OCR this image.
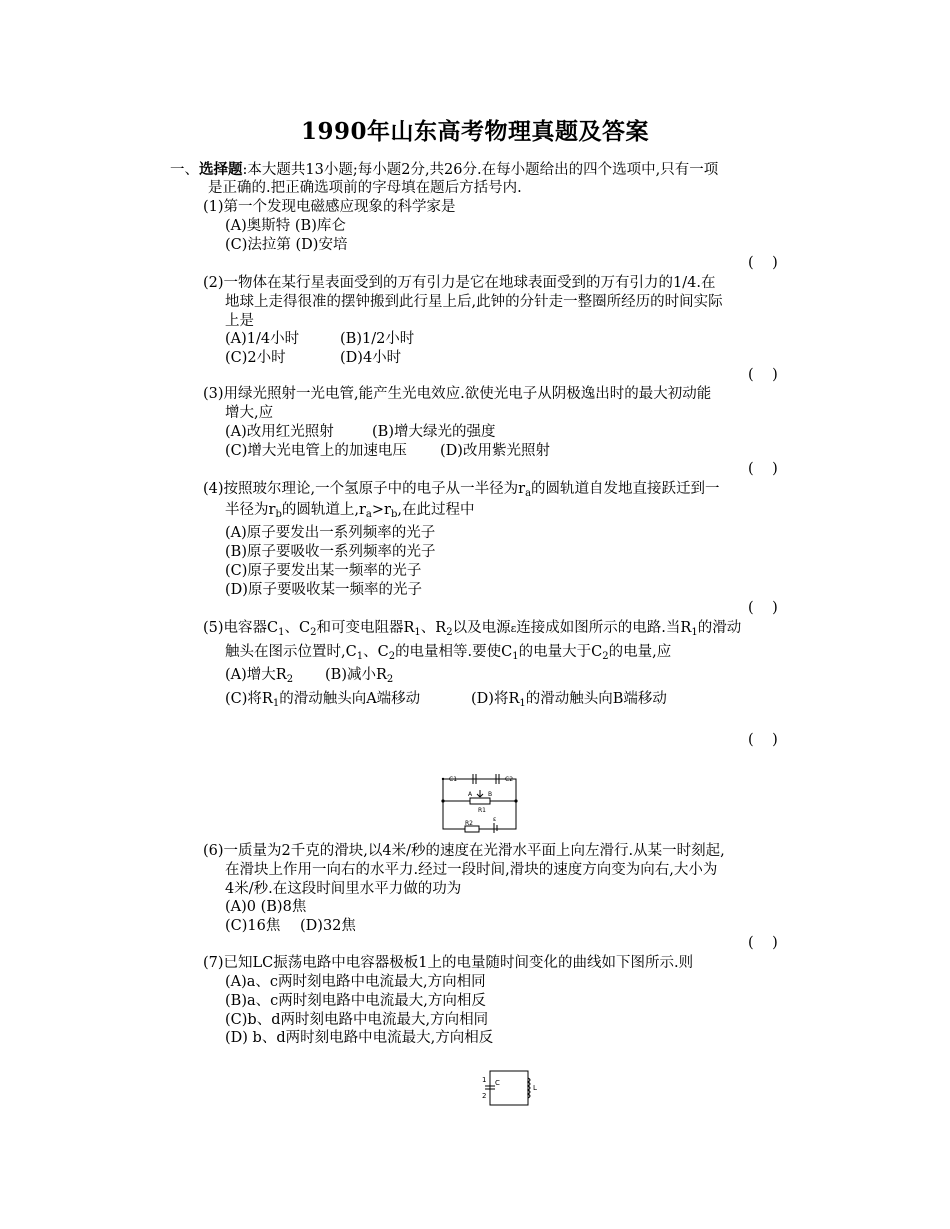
1990年山东高考物理真题及答案
一、选择题:本大题共13小题;每小题2分,共26分.在每小题给出的四个选项中,只有一项
是正确的.把正确选项前的字母填在题后方括号内.
(1)第一个发现电磁感应现象的科学家是
(A)奥斯特 (B)库仑
(C)法拉第 (D)安培
(    )
(2)一物体在某行星表面受到的万有引力是它在地球表面受到的万有引力的1/4.在
地球上走得很准的摆钟搬到此行星上后,此钟的分针走一整圈所经历的时间实际
上是
(A)1/4小时	(B)1/2小时
(C)2小时	(D)4小时
(    )
(3)用绿光照射一光电管,能产生光电效应.欲使光电子从阴极逸出时的最大初动能
增大,应
(A)改用红光照射	(B)增大绿光的强度
(C)增大光电管上的加速电压 (D)改用紫光照射
(    )
(4)按照玻尔理论,一个氢原子中的电子从一半径为$r_a$的圆轨道自发地直接跃迁到一
半径为$r_b$的圆轨道上$,r_a>r_b$,在此过程中
(A)原子要发出一系列频率的光子
(B)原子要吸收一系列频率的光子
(C)原子要发出某一频率的光子
(D)原子要吸收某一频率的光子
(    )
(5)电容器$C_1$、$C_2$和可变电阻器$R_1$、$R_2$以及电源ε连接成如图所示的电路.当$R_1$的滑动
触头在图示位置时$,C_1$、$C_2$的电量相等.要使$C_1$的电量大于$C_2$的电量,应
(A)增大$R_2$ (B)减小$R_2$
(C)将$R_1$的滑动触头向A端移动	(D)将$R_1$的滑动触头向B端移动
(    )
C1	C2
A	B
R1
R2
ε
(6)一质量为2千克的滑块,以4米/秒的速度在光滑水平面上向左滑行.从某一时刻起,
在滑块上作用一向右的水平力.经过一段时间,滑块的速度方向变为向右,大小为
4米/秒.在这段时间里水平力做的功为
(A)0 (B)8焦
(C)16焦 (D)32焦
(    )
(7)已知LC振荡电路中电容器极板1上的电量随时间变化的曲线如下图所示.则
(A)a、c两时刻电路中电流最大,方向相同
(B)a、c两时刻电路中电流最大,方向相反
(C)b、d两时刻电路中电流最大,方向相同
(D) b、d两时刻电路中电流最大,方向相反
1
2
C
L
